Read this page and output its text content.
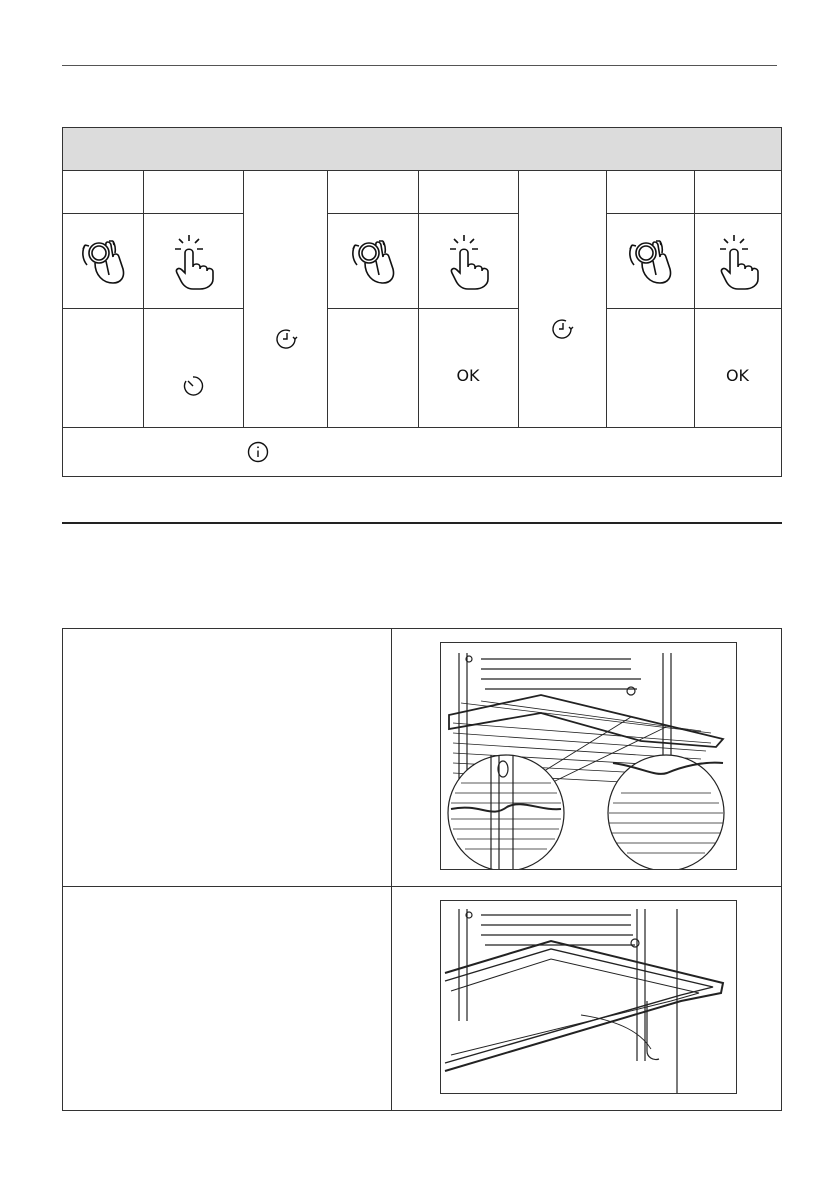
OK	OK
